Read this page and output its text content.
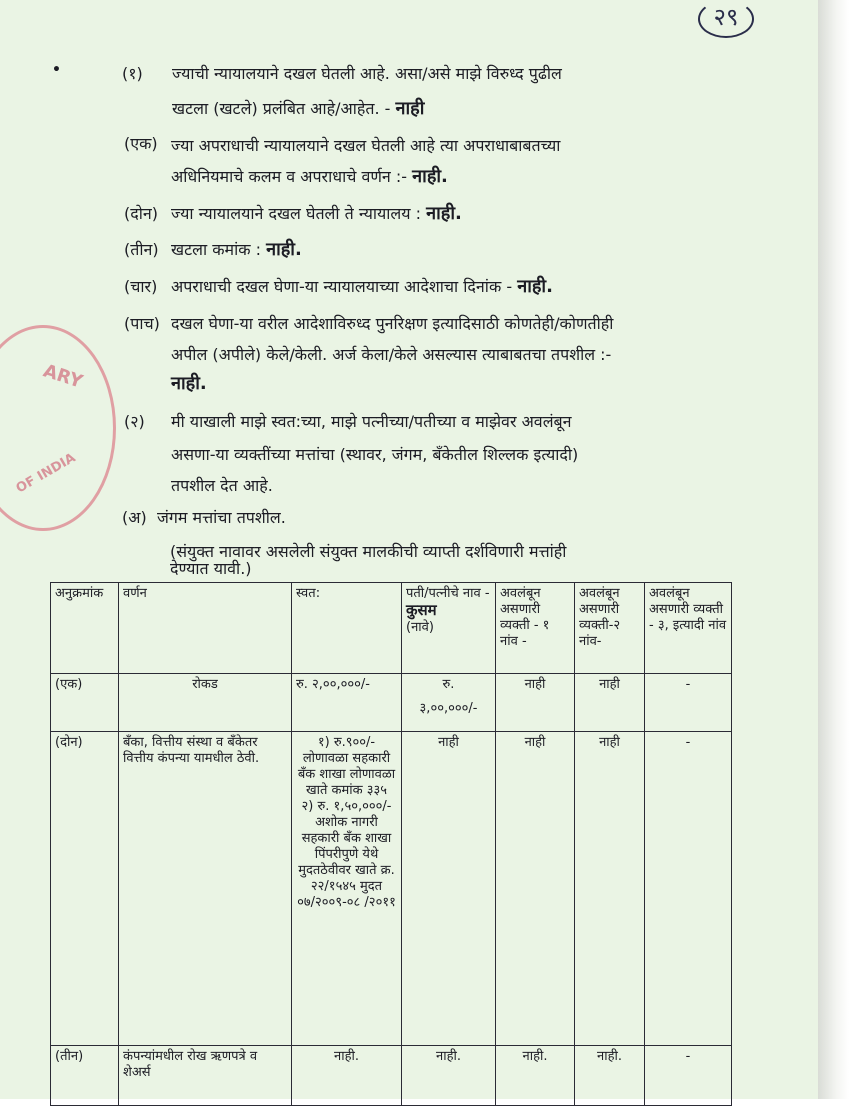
२९
ARY
OF INDIA
•	(१) ज्याची न्यायालयाने दखल घेतली आहे. असा/असे माझे विरुध्द पुढील
खटला (खटले) प्रलंबित आहे/आहेत. - नाही
(एक) ज्या अपराधाची न्यायालयाने दखल घेतली आहे त्या अपराधाबाबतच्या
अधिनियमाचे कलम व अपराधाचे वर्णन :- नाही.
(दोन) ज्या न्यायालयाने दखल घेतली ते न्यायालय : नाही.
(तीन) खटला कमांक : नाही.
(चार) अपराधाची दखल घेणा-या न्यायालयाच्या आदेशाचा दिनांक - नाही.
(पाच) दखल घेणा-या वरील आदेशाविरुध्द पुनरिक्षण इत्यादिसाठी कोणतेही/कोणतीही
अपील (अपीले) केले/केली. अर्ज केला/केले असल्यास त्याबाबतचा तपशील :-
नाही.
(२) मी याखाली माझे स्वत:च्या, माझे पत्नीच्या/पतीच्या व माझेवर अवलंबून
असणा-या व्यक्तींच्या मत्तांचा (स्थावर, जंगम, बँकेतील शिल्लक इत्यादी)
तपशील देत आहे.
(अ) जंगम मत्तांचा तपशील.
(संयुक्त नावावर असलेली संयुक्त मालकीची व्याप्ती दर्शविणारी मत्तांही
देण्यात यावी.)
अनुक्रमांक	वर्णन	स्वत:	पती/पत्नीचे नाव -
कुसम
(नावे)	अवलंबून असणारी व्यक्ती - १ नांव -	अवलंबून असणारी व्यक्ती-२ नांव-	अवलंबून असणारी व्यक्ती - ३, इत्यादी नांव
(एक)	रोकड	रु. २,००,०००/-	रु.
३,००,०००/-	नाही	नाही	-
(दोन)	बँका, वित्तीय संस्था व बँकेतर वित्तीय कंपन्या यामधील ठेवी.	१) रु.९००/- लोणावळा सहकारी बँक शाखा लोणावळा खाते कमांक ३३५
२) रु. १,५०,०००/- अशोक नागरी सहकारी बँक शाखा पिंपरीपुणे येथे मुदतठेवीवर खाते क्र. २२/१५४५ मुदत ०७/२००९-०८ /२०११	नाही	नाही	नाही	-
(तीन)	कंपन्यांमधील रोख ऋणपत्रे व शेअर्स	नाही.	नाही.	नाही.	नाही.	-
